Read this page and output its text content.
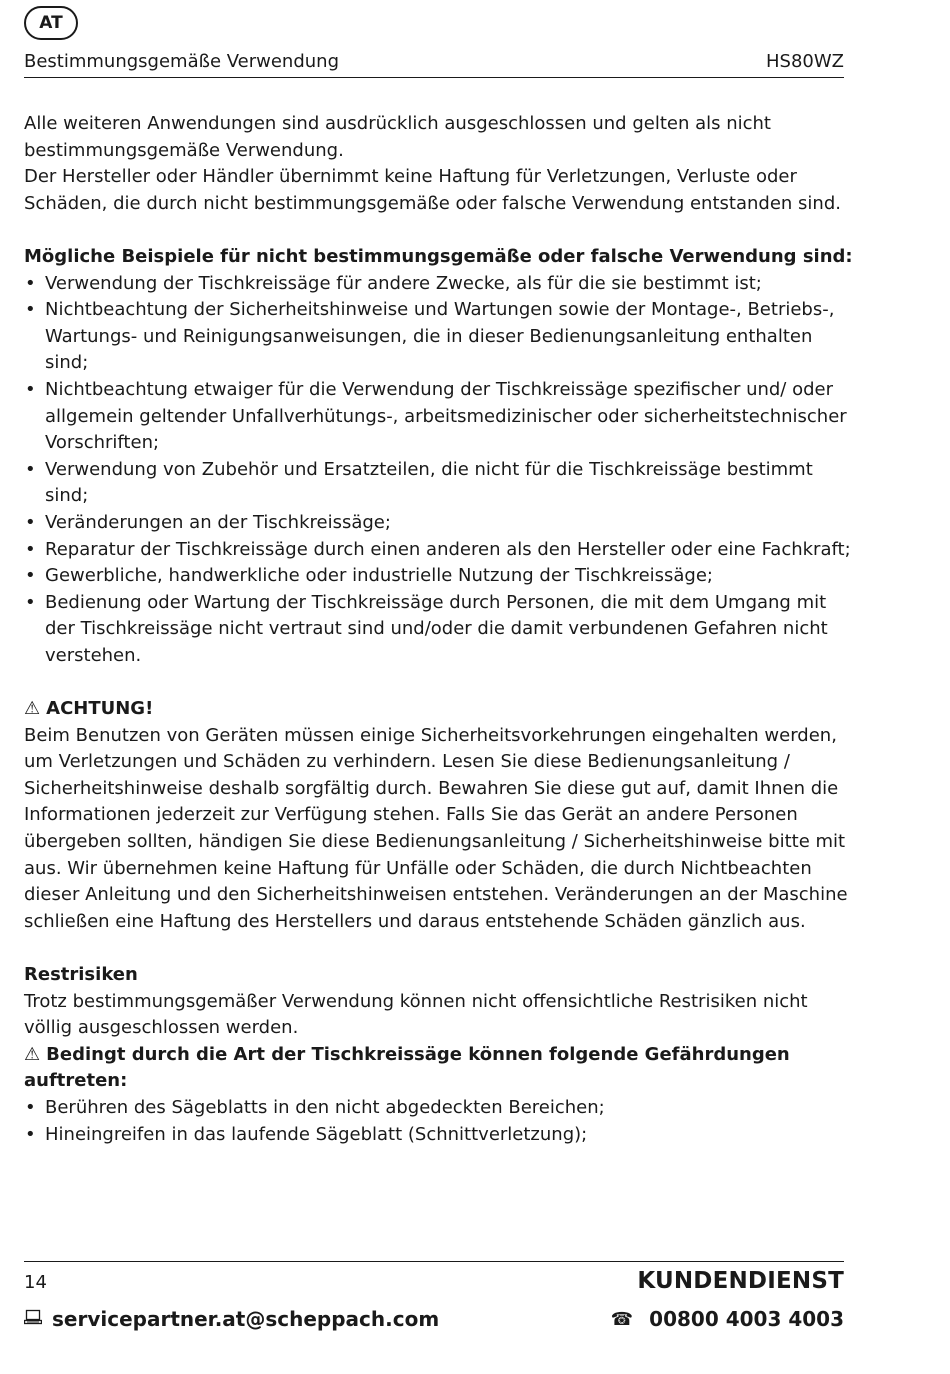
AT
Bestimmungsgemäße Verwendung	HS80WZ

Alle weiteren Anwendungen sind ausdrücklich ausgeschlossen und gelten als nicht bestimmungsgemäße Verwendung.

Der Hersteller oder Händler übernimmt keine Haftung für Verletzungen, Verluste oder Schäden, die durch nicht bestimmungsgemäße oder falsche Verwendung entstanden sind.

Mögliche Beispiele für nicht bestimmungsgemäße oder falsche Verwendung sind:
• Verwendung der Tischkreissäge für andere Zwecke, als für die sie bestimmt ist;
• Nichtbeachtung der Sicherheitshinweise und Wartungen sowie der Montage-, Betriebs-, Wartungs- und Reinigungsanweisungen, die in dieser Bedienungsanleitung enthalten sind;
• Nichtbeachtung etwaiger für die Verwendung der Tischkreissäge spezifischer und/ oder allgemein geltender Unfallverhütungs-, arbeitsmedizinischer oder sicherheitstechnischer Vorschriften;
• Verwendung von Zubehör und Ersatzteilen, die nicht für die Tischkreissäge bestimmt sind;
• Veränderungen an der Tischkreissäge;
• Reparatur der Tischkreissäge durch einen anderen als den Hersteller oder eine Fachkraft;
• Gewerbliche, handwerkliche oder industrielle Nutzung der Tischkreissäge;
• Bedienung oder Wartung der Tischkreissäge durch Personen, die mit dem Umgang mit der Tischkreissäge nicht vertraut sind und/oder die damit verbundenen Gefahren nicht verstehen.
⚠ ACHTUNG!

Beim Benutzen von Geräten müssen einige Sicherheitsvorkehrungen eingehalten werden, um Verletzungen und Schäden zu verhindern. Lesen Sie diese Bedienungsanleitung / Sicherheitshinweise deshalb sorgfältig durch. Bewahren Sie diese gut auf, damit Ihnen die Informationen jederzeit zur Verfügung stehen. Falls Sie das Gerät an andere Personen übergeben sollten, händigen Sie diese Bedienungsanleitung / Sicherheitshinweise bitte mit aus. Wir übernehmen keine Haftung für Unfälle oder Schäden, die durch Nichtbeachten dieser Anleitung und den Sicherheitshinweisen entstehen. Veränderungen an der Maschine schließen eine Haftung des Herstellers und daraus entstehende Schäden gänzlich aus.

Restrisiken

Trotz bestimmungsgemäßer Verwendung können nicht offensichtliche Restrisiken nicht völlig ausgeschlossen werden.

⚠ Bedingt durch die Art der Tischkreissäge können folgende Gefährdungen auftreten:
• Berühren des Sägeblatts in den nicht abgedeckten Bereichen;
• Hineingreifen in das laufende Sägeblatt (Schnittverletzung);
14	KUNDENDIENST
servicepartner.at@scheppach.com	☎ 00800 4003 4003
